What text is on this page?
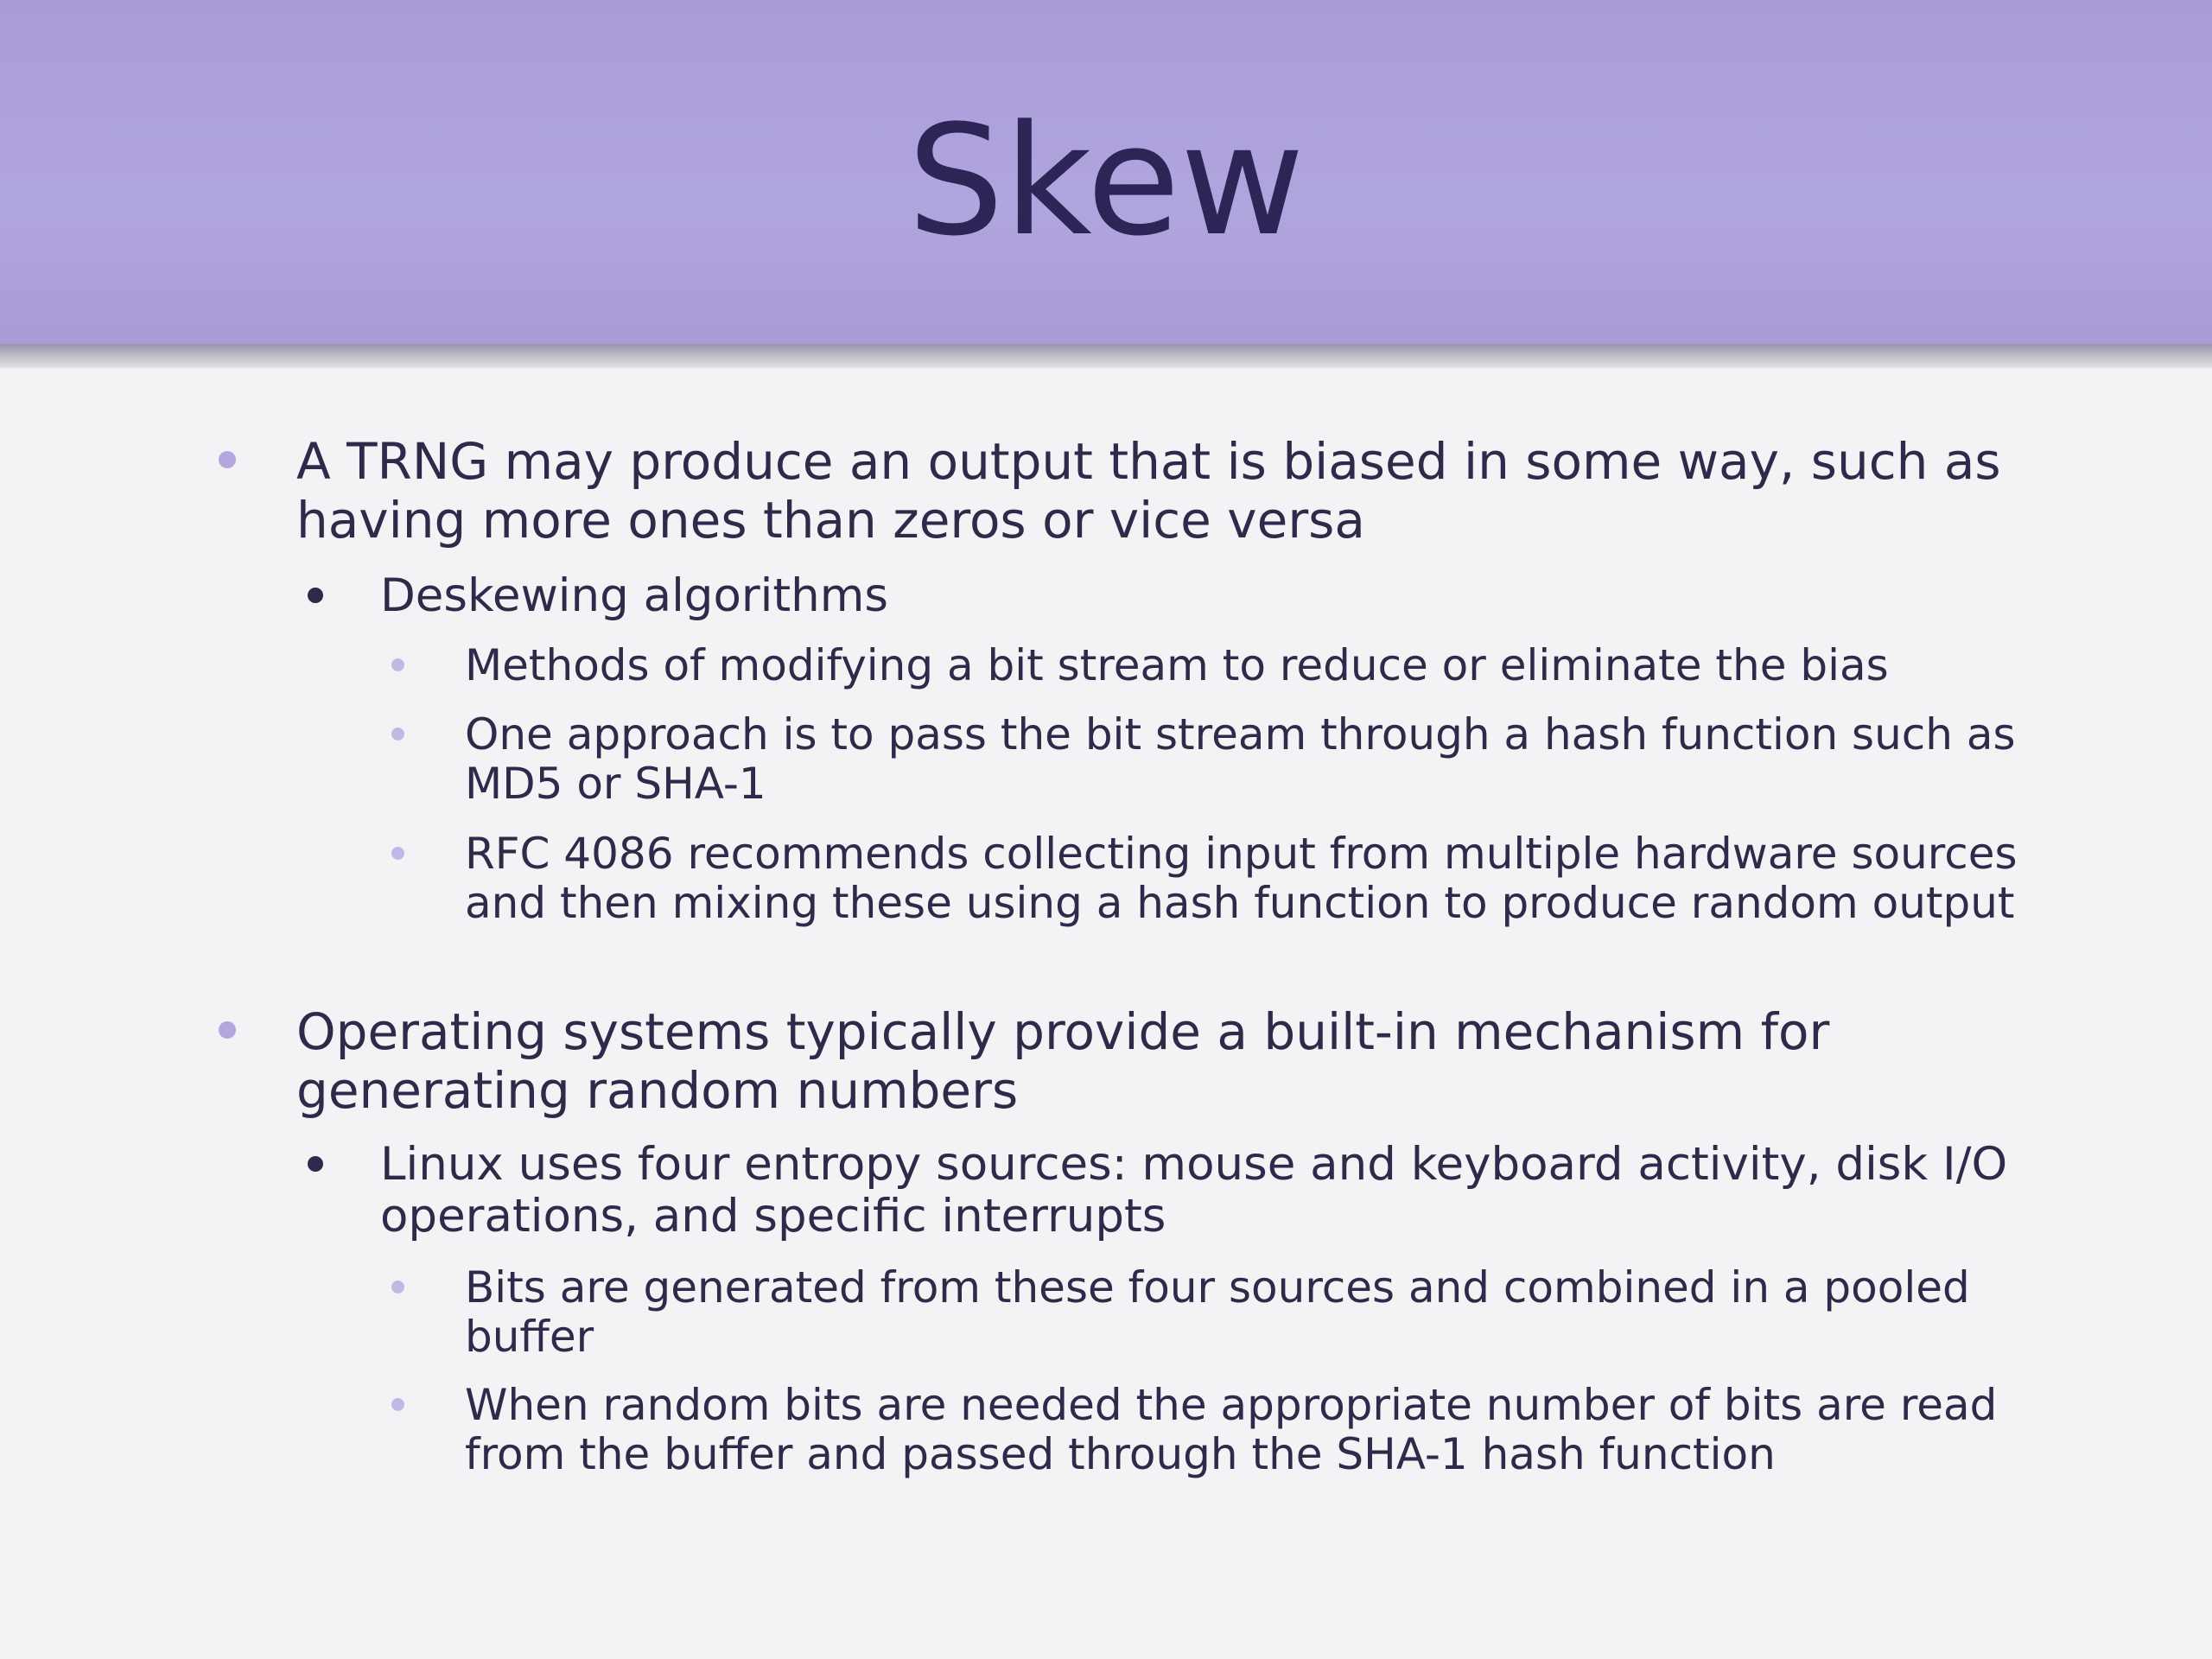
Skew
A TRNG may produce an output that is biased in some way, such as having more ones than zeros or vice versa
Deskewing algorithms
Methods of modifying a bit stream to reduce or eliminate the bias
One approach is to pass the bit stream through a hash function such as MD5 or SHA-1
RFC 4086 recommends collecting input from multiple hardware sources and then mixing these using a hash function to produce random output
Operating systems typically provide a built-in mechanism for generating random numbers
Linux uses four entropy sources: mouse and keyboard activity, disk I/O operations, and specific interrupts
Bits are generated from these four sources and combined in a pooled buffer
When random bits are needed the appropriate number of bits are read from the buffer and passed through the SHA-1 hash function
